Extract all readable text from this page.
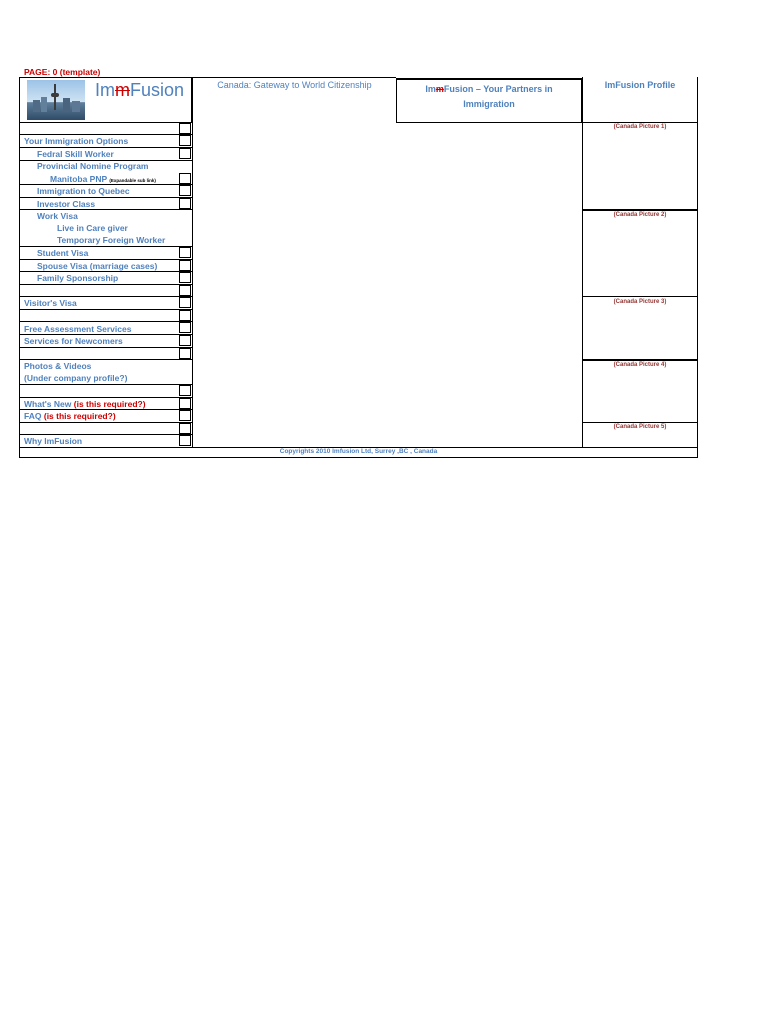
PAGE: 0 (template)
ImmFusion	Canada: Gateway to World Citizenship	ImmFusion – Your Partners in Immigration
ImFusion Profile
Your Immigration Options
Fedral Skill Worker
Provincial Nomine Program
Manitoba PNP (Expandable sub link)
Immigration to Quebec
Investor Class
Work Visa
Live in Care giver
Temporary Foreign Worker
Student Visa
Spouse Visa (marriage cases)
Family Sponsorship
Visitor's Visa
Free Assessment Services
Services for Newcomers
Photos & Videos
(Under company profile?)
What's New (is this required?)
FAQ (is this required?)
Why ImFusion
(Canada Picture 1)
(Canada Picture 2)
(Canada Picture 3)
(Canada Picture 4)
(Canada Picture 5)
Copyrights 2010 Imfusion Ltd, Surrey ,BC , Canada
